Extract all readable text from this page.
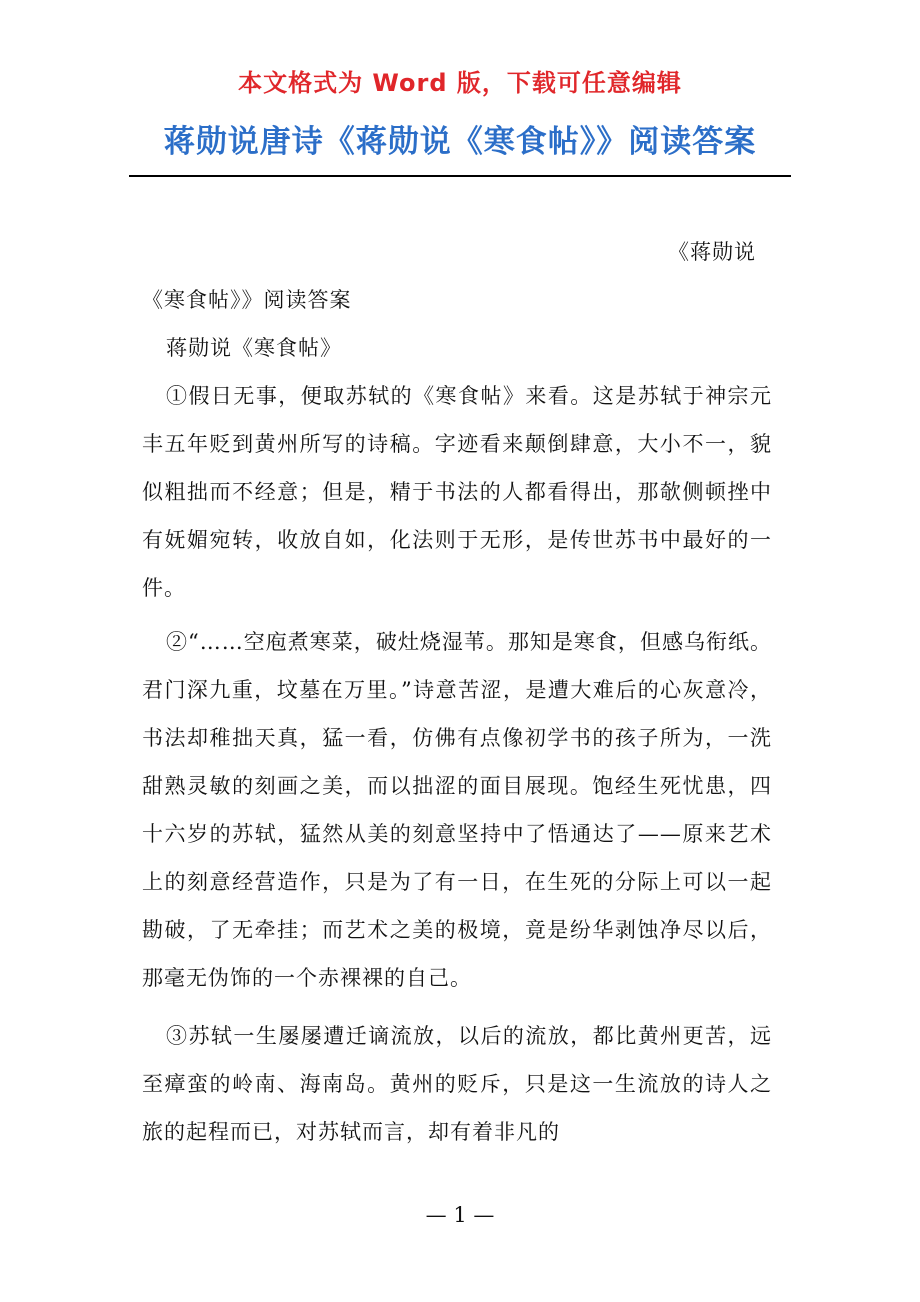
本文格式为 Word 版，下载可任意编辑
蒋勋说唐诗《蒋勋说《寒食帖》》阅读答案

《蒋勋说

《寒食帖》》阅读答案

蒋勋说《寒食帖》

①假日无事，便取苏轼的《寒食帖》来看。这是苏轼于神宗元丰五年贬到黄州所写的诗稿。字迹看来颠倒肆意，大小不一，貌似粗拙而不经意；但是，精于书法的人都看得出，那欹侧顿挫中有妩媚宛转，收放自如，化法则于无形，是传世苏书中最好的一件。

②“……空庖煮寒菜，破灶烧湿苇。那知是寒食，但感乌衔纸。君门深九重，坟墓在万里。”诗意苦涩，是遭大难后的心灰意冷，书法却稚拙天真，猛一看，仿佛有点像初学书的孩子所为，一洗甜熟灵敏的刻画之美，而以拙涩的面目展现。饱经生死忧患，四十六岁的苏轼，猛然从美的刻意坚持中了悟通达了——原来艺术上的刻意经营造作，只是为了有一日，在生死的分际上可以一起勘破，了无牵挂；而艺术之美的极境，竟是纷华剥蚀净尽以后，那毫无伪饰的一个赤裸裸的自己。

③苏轼一生屡屡遭迁谪流放，以后的流放，都比黄州更苦，远至瘴蛮的岭南、海南岛。黄州的贬斥，只是这一生流放的诗人之旅的起程而已，对苏轼而言，却有着非凡的

— 1 —
